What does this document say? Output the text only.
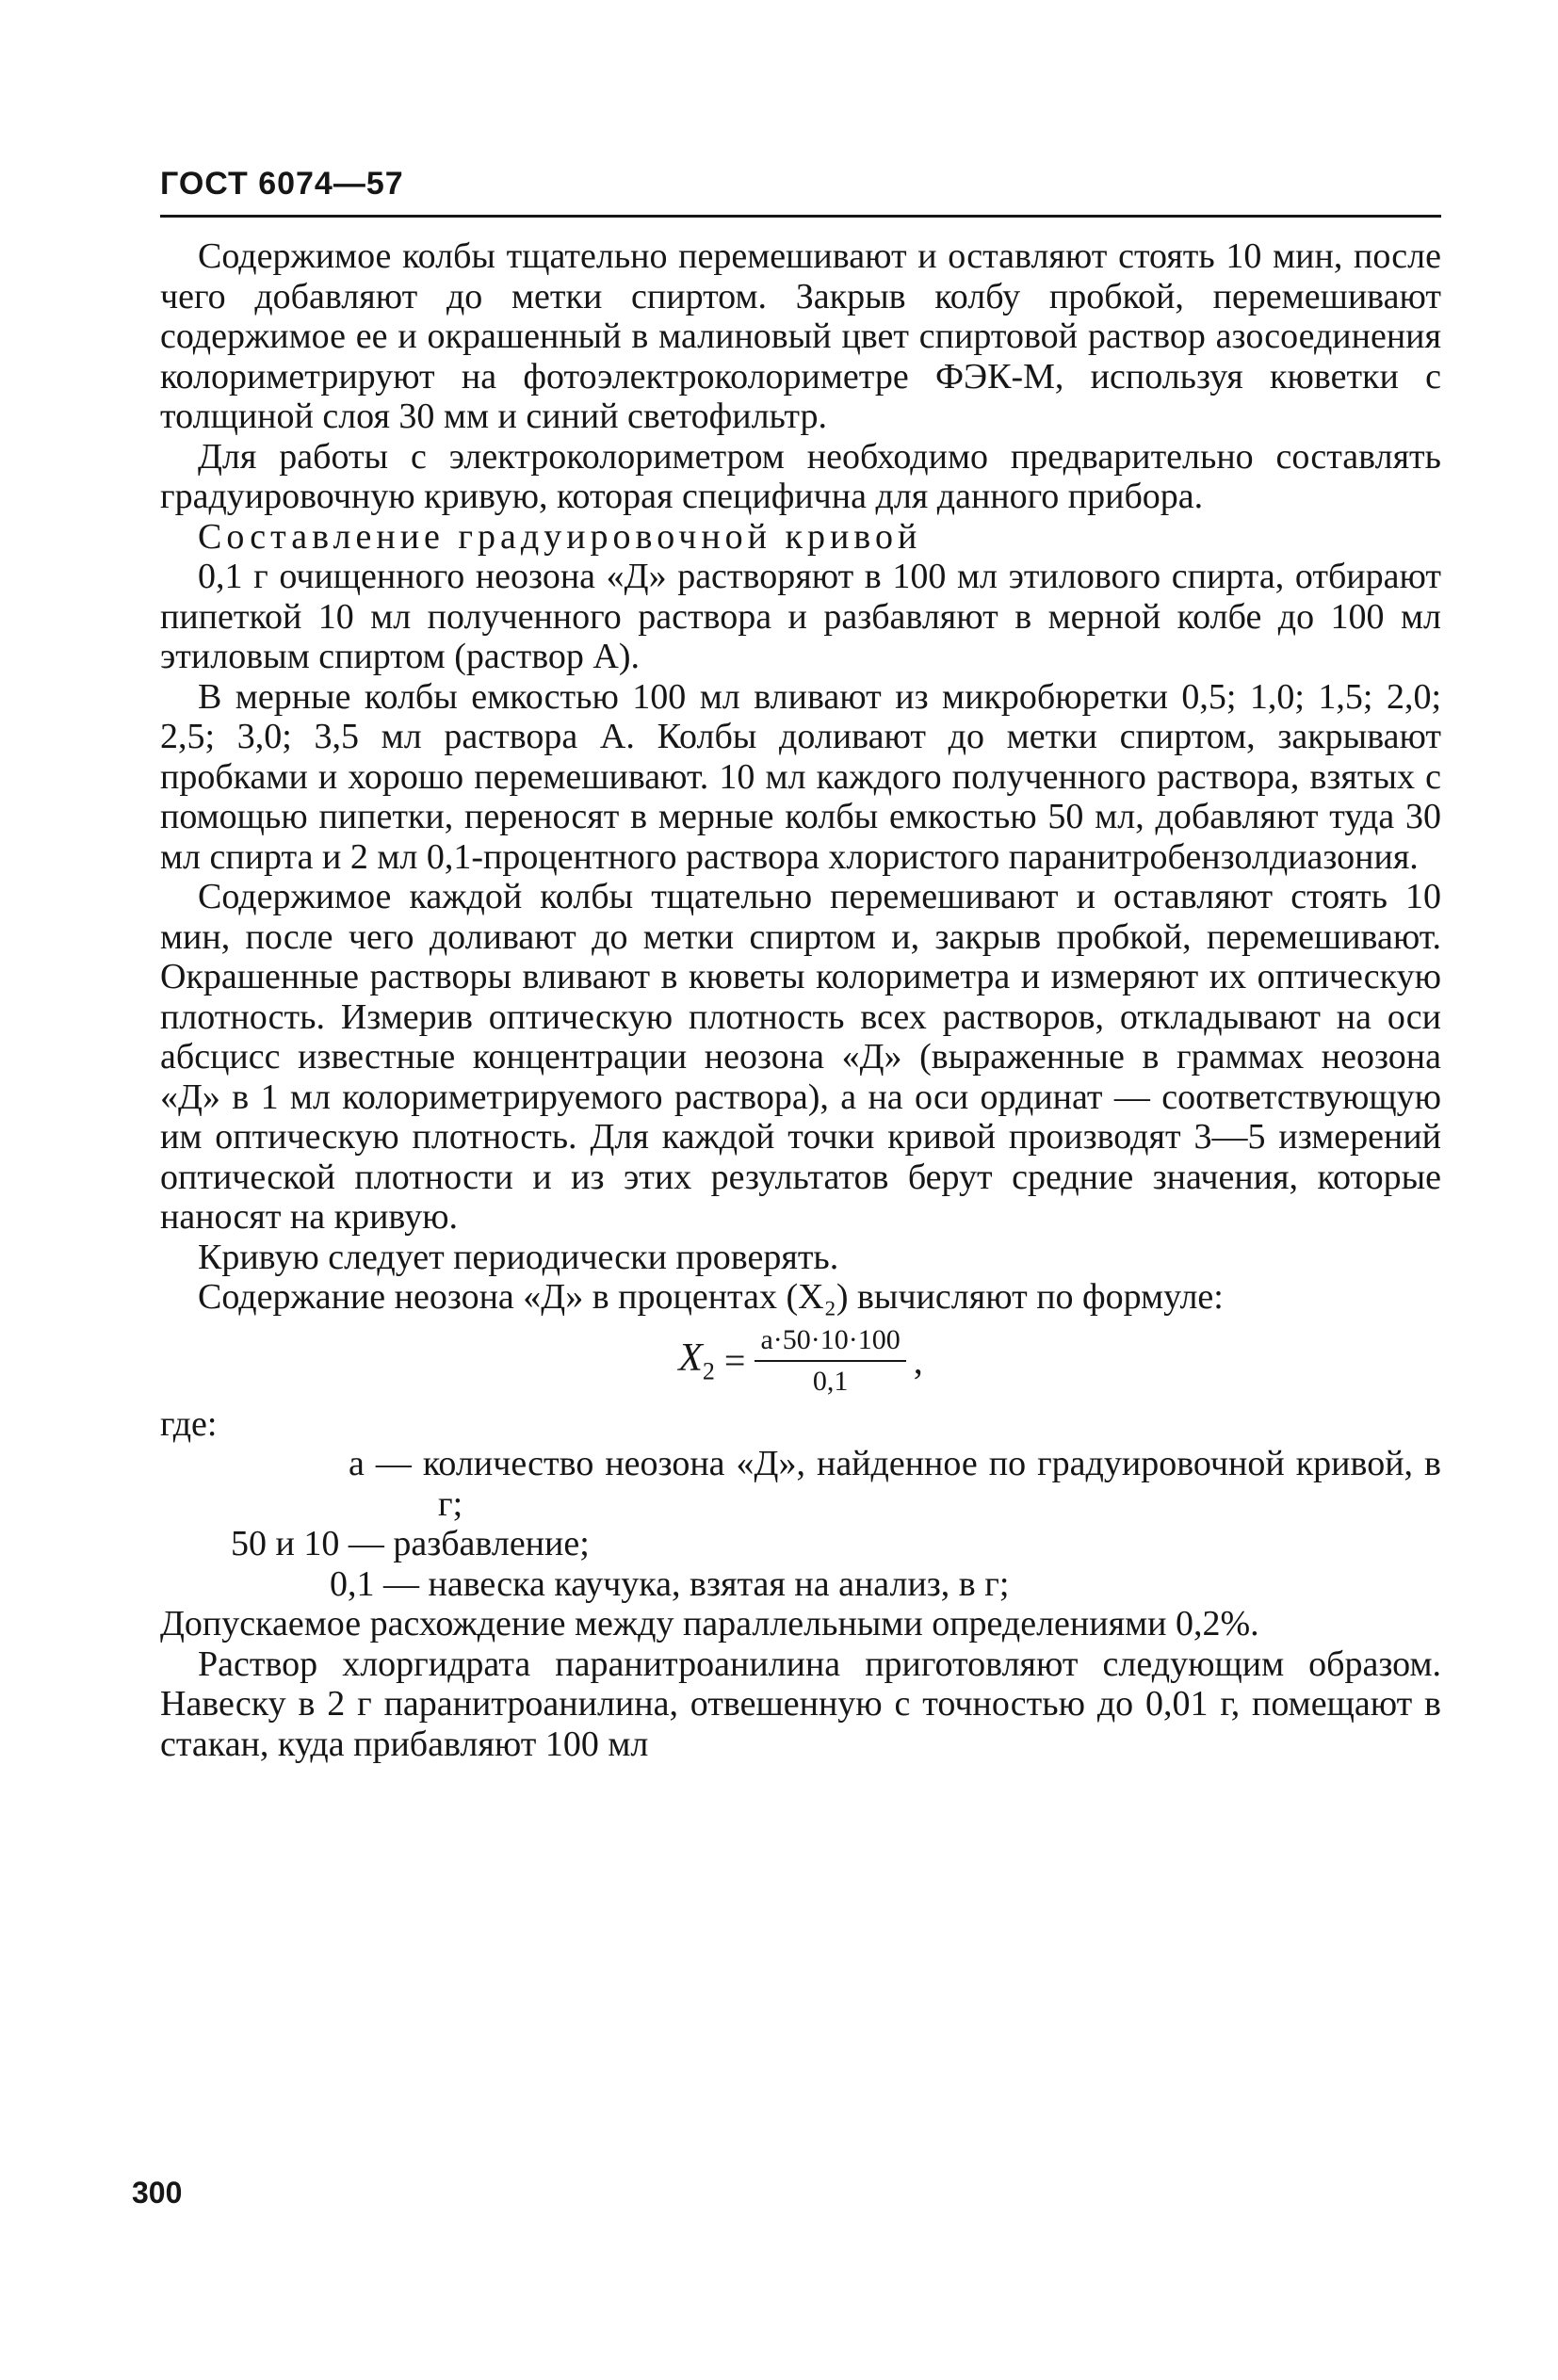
ГОСТ 6074—57

Содержимое колбы тщательно перемешивают и оставляют стоять 10 мин, после чего добавляют до метки спиртом. Закрыв колбу пробкой, перемешивают содержимое ее и окрашенный в малиновый цвет спиртовой раствор азосоединения колориметрируют на фотоэлектроколориметре ФЭК-М, используя кюветки с толщиной слоя 30 мм и синий светофильтр.

Для работы с электроколориметром необходимо предварительно составлять градуировочную кривую, которая специфична для данного прибора.

Составление градуировочной кривой

0,1 г очищенного неозона «Д» растворяют в 100 мл этилового спирта, отбирают пипеткой 10 мл полученного раствора и разбавляют в мерной колбе до 100 мл этиловым спиртом (раствор А).

В мерные колбы емкостью 100 мл вливают из микробюретки 0,5; 1,0; 1,5; 2,0; 2,5; 3,0; 3,5 мл раствора А. Колбы доливают до метки спиртом, закрывают пробками и хорошо перемешивают. 10 мл каждого полученного раствора, взятых с помощью пипетки, переносят в мерные колбы емкостью 50 мл, добавляют туда 30 мл спирта и 2 мл 0,1-процентного раствора хлористого паранитробензолдиазония.

Содержимое каждой колбы тщательно перемешивают и оставляют стоять 10 мин, после чего доливают до метки спиртом и, закрыв пробкой, перемешивают. Окрашенные растворы вливают в кюветы колориметра и измеряют их оптическую плотность. Измерив оптическую плотность всех растворов, откладывают на оси абсцисс известные концентрации неозона «Д» (выраженные в граммах неозона «Д» в 1 мл колориметрируемого раствора), а на оси ординат — соответствующую им оптическую плотность. Для каждой точки кривой производят 3—5 измерений оптической плотности и из этих результатов берут средние значения, которые наносят на кривую.

Кривую следует периодически проверять.

Содержание неозона «Д» в процентах (X₂) вычисляют по формуле:

$X_2 = \frac{a\cdot 50\cdot 10\cdot 100}{0,1}$ ,

где:

а — количество неозона «Д», найденное по градуировочной кривой, в г;
50 и 10 — разбавление;
0,1 — навеска каучука, взятая на анализ, в г;

Допускаемое расхождение между параллельными определениями 0,2%.

Раствор хлоргидрата паранитроанилина приготовляют следующим образом. Навеску в 2 г паранитроанилина, отвешенную с точностью до 0,01 г, помещают в стакан, куда прибавляют 100 мл

300
